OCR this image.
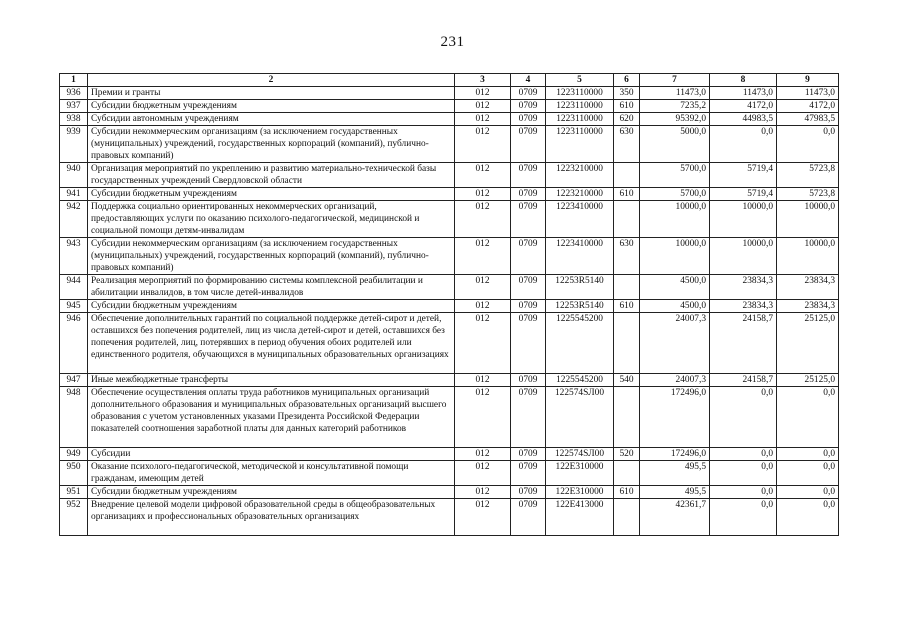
231
1	2	3	4	5	6	7	8	9
936	Премии и гранты	012	0709	1223110000	350	11473,0	11473,0	11473,0
937	Субсидии бюджетным учреждениям	012	0709	1223110000	610	7235,2	4172,0	4172,0
938	Субсидии автономным учреждениям	012	0709	1223110000	620	95392,0	44983,5	47983,5
939	Субсидии некоммерческим организациям (за исключением государственных (муниципальных) учреждений, государственных корпораций (компаний), публично-правовых компаний)	012	0709	1223110000	630	5000,0	0,0	0,0
940	Организация мероприятий по укреплению и развитию материально-технической базы государственных учреждений Свердловской области	012	0709	1223210000		5700,0	5719,4	5723,8
941	Субсидии бюджетным учреждениям	012	0709	1223210000	610	5700,0	5719,4	5723,8
942	Поддержка социально ориентированных некоммерческих организаций, предоставляющих услуги по оказанию психолого-педагогической, медицинской и социальной помощи детям-инвалидам	012	0709	1223410000		10000,0	10000,0	10000,0
943	Субсидии некоммерческим организациям (за исключением государственных (муниципальных) учреждений, государственных корпораций (компаний), публично-правовых компаний)	012	0709	1223410000	630	10000,0	10000,0	10000,0
944	Реализация мероприятий по формированию системы комплексной реабилитации и абилитации инвалидов, в том числе детей-инвалидов	012	0709	12253R5140		4500,0	23834,3	23834,3
945	Субсидии бюджетным учреждениям	012	0709	12253R5140	610	4500,0	23834,3	23834,3
946	Обеспечение дополнительных гарантий по социальной поддержке детей-сирот и детей, оставшихся без попечения родителей, лиц из числа детей-сирот и детей, оставшихся без попечения родителей, лиц, потерявших в период обучения обоих родителей или единственного родителя, обучающихся в муниципальных образовательных организациях	012	0709	1225545200		24007,3	24158,7	25125,0
947	Иные межбюджетные трансферты	012	0709	1225545200	540	24007,3	24158,7	25125,0
948	Обеспечение осуществления оплаты труда работников муниципальных организаций дополнительного образования и муниципальных образовательных организаций высшего образования с учетом установленных указами Президента Российской Федерации показателей соотношения заработной платы для данных категорий работников	012	0709	122574SЛ00		172496,0	0,0	0,0
949	Субсидии	012	0709	122574SЛ00	520	172496,0	0,0	0,0
950	Оказание психолого-педагогической, методической и консультативной помощи гражданам, имеющим детей	012	0709	122E310000		495,5	0,0	0,0
951	Субсидии бюджетным учреждениям	012	0709	122E310000	610	495,5	0,0	0,0
952	Внедрение целевой модели цифровой образовательной среды в общеобразовательных организациях и профессиональных образовательных организациях	012	0709	122E413000		42361,7	0,0	0,0
